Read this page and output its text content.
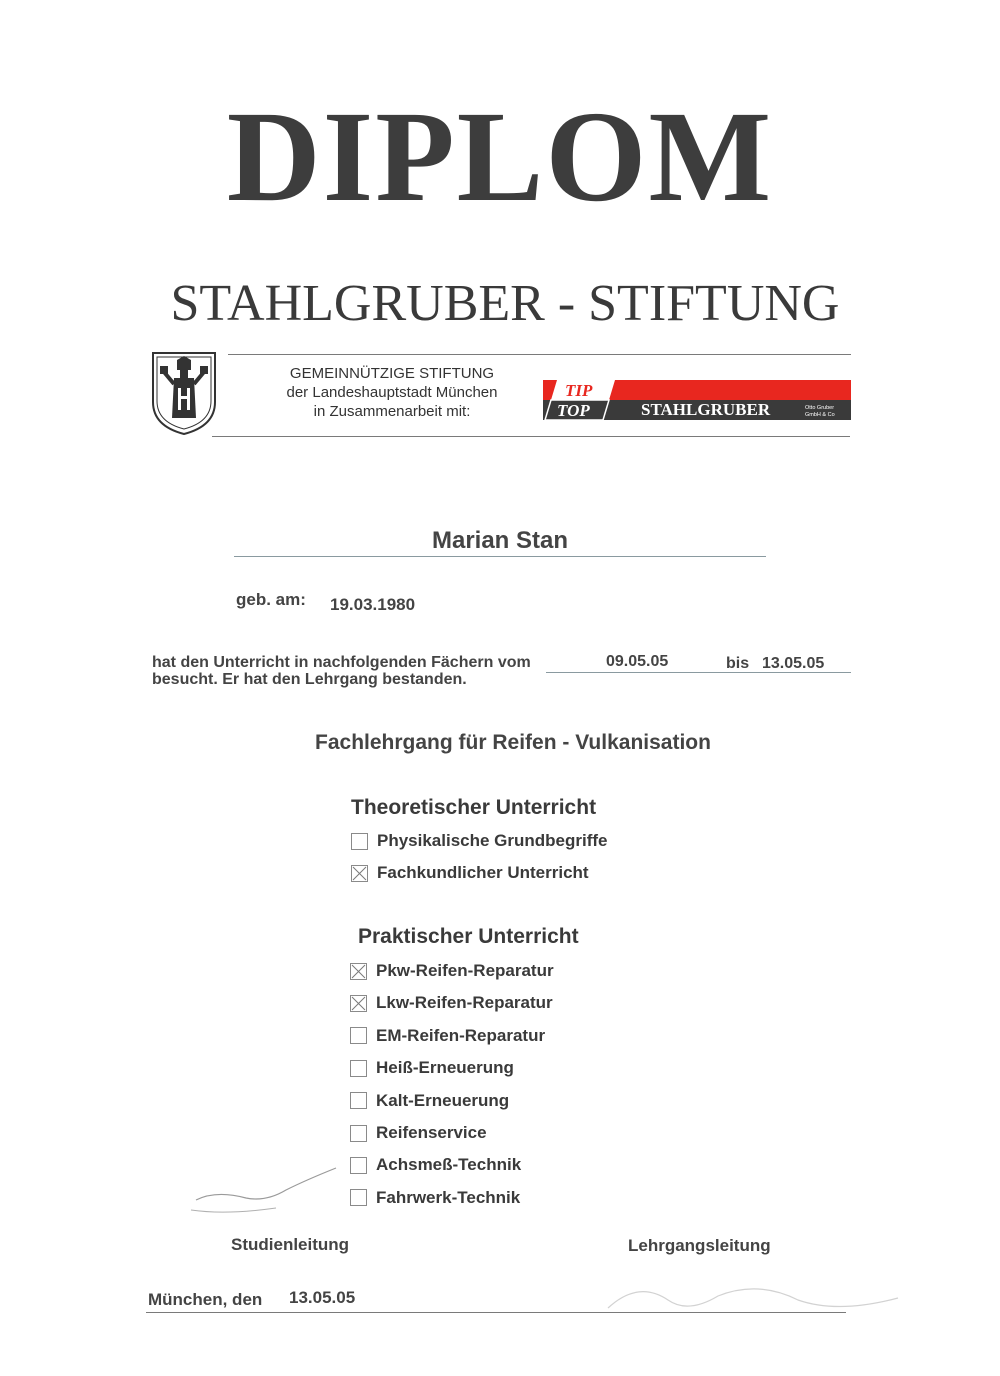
DIPLOM
STAHLGRUBER - STIFTUNG
GEMEINNÜTZIGE STIFTUNG
der Landeshauptstadt München
in Zusammenarbeit mit:
TIP
TOP	STAHLGRUBER	Otto Gruber
GmbH & Co
Marian Stan
geb. am: 19.03.1980
hat den Unterricht in nachfolgenden Fächern vom
besucht. Er hat den Lehrgang bestanden.
09.05.05	bis 13.05.05
Fachlehrgang für Reifen - Vulkanisation
Theoretischer Unterricht
Physikalische Grundbegriffe
Fachkundlicher Unterricht
Praktischer Unterricht
Pkw-Reifen-Reparatur
Lkw-Reifen-Reparatur
EM-Reifen-Reparatur
Heiß-Erneuerung
Kalt-Erneuerung
Reifenservice
Achsmeß-Technik
Fahrwerk-Technik
Studienleitung	Lehrgangsleitung
München, den 13.05.05
